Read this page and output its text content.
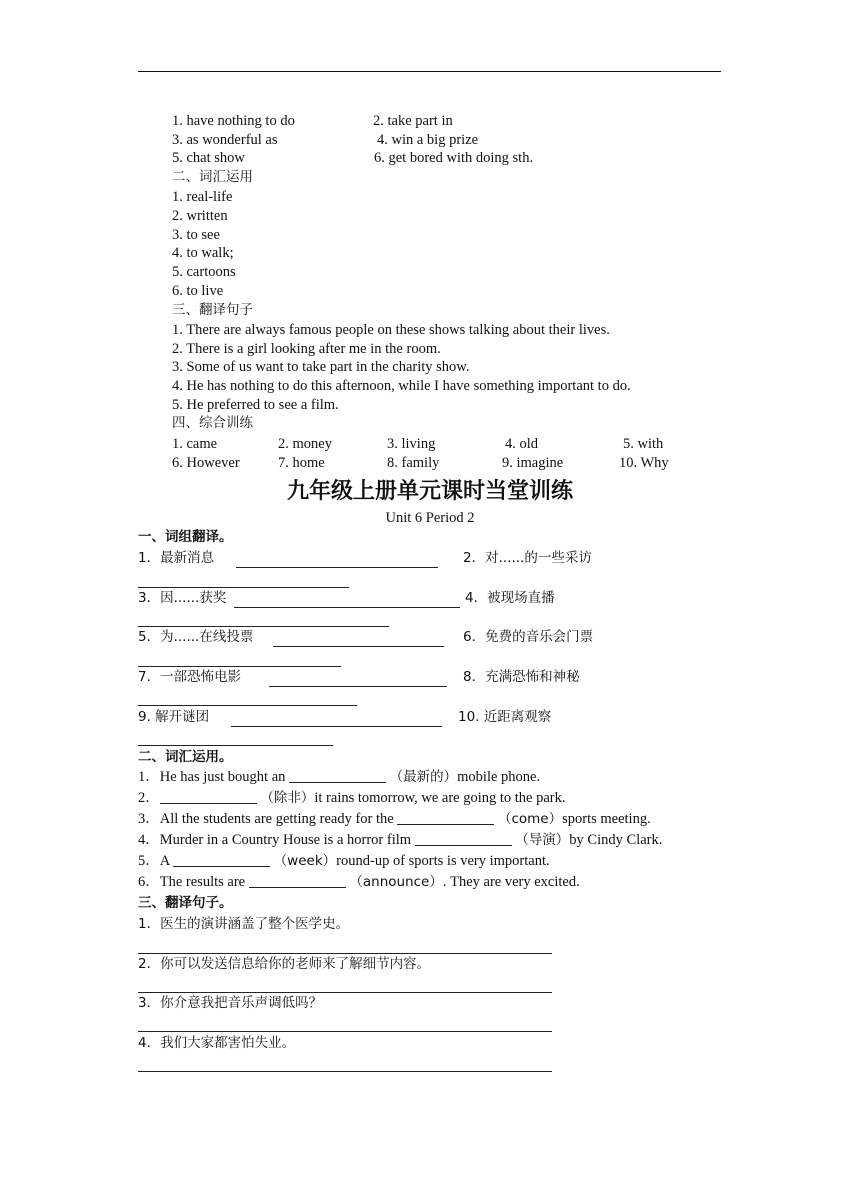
1. have nothing to do	2. take part in
3. as wonderful as	4. win a big prize
5. chat show	6. get bored with doing sth.
二、词汇运用
1. real-life
2. written
3. to see
4. to walk;
5. cartoons
6. to live
三、翻译句子
1. There are always famous people on these shows talking about their lives.
2. There is a girl looking after me in the room.
3. Some of us want to take part in the charity show.
4. He has nothing to do this afternoon, while I have something important to do.
5. He preferred to see a film.
四、综合训练
1. came	2. money	3. living	4. old	5. with
6. However	7. home	8. family	9. imagine	10. Why
九年级上册单元课时当堂训练
Unit 6 Period 2
一、词组翻译。
1．最新消息	2．对......的一些采访
3．因......获奖	4．被现场直播
5．为......在线投票	6．免费的音乐会门票
7．一部恐怖电影	8．充满恐怖和神秘
9. 解开谜团	10. 近距离观察
二、词汇运用。
1．He has just bought an	（最新的）mobile phone.
2．	（除非）it rains tomorrow, we are going to the park.
3．All the students are getting ready for the	（come）sports meeting.
4．Murder in a Country House is a horror film	（导演）by Cindy Clark.
5．A	（week）round-up of sports is very important.
6．The results are	（announce）. They are very excited.
三、翻译句子。
1．医生的演讲涵盖了整个医学史。
2．你可以发送信息给你的老师来了解细节内容。
3．你介意我把音乐声调低吗？
4．我们大家都害怕失业。
